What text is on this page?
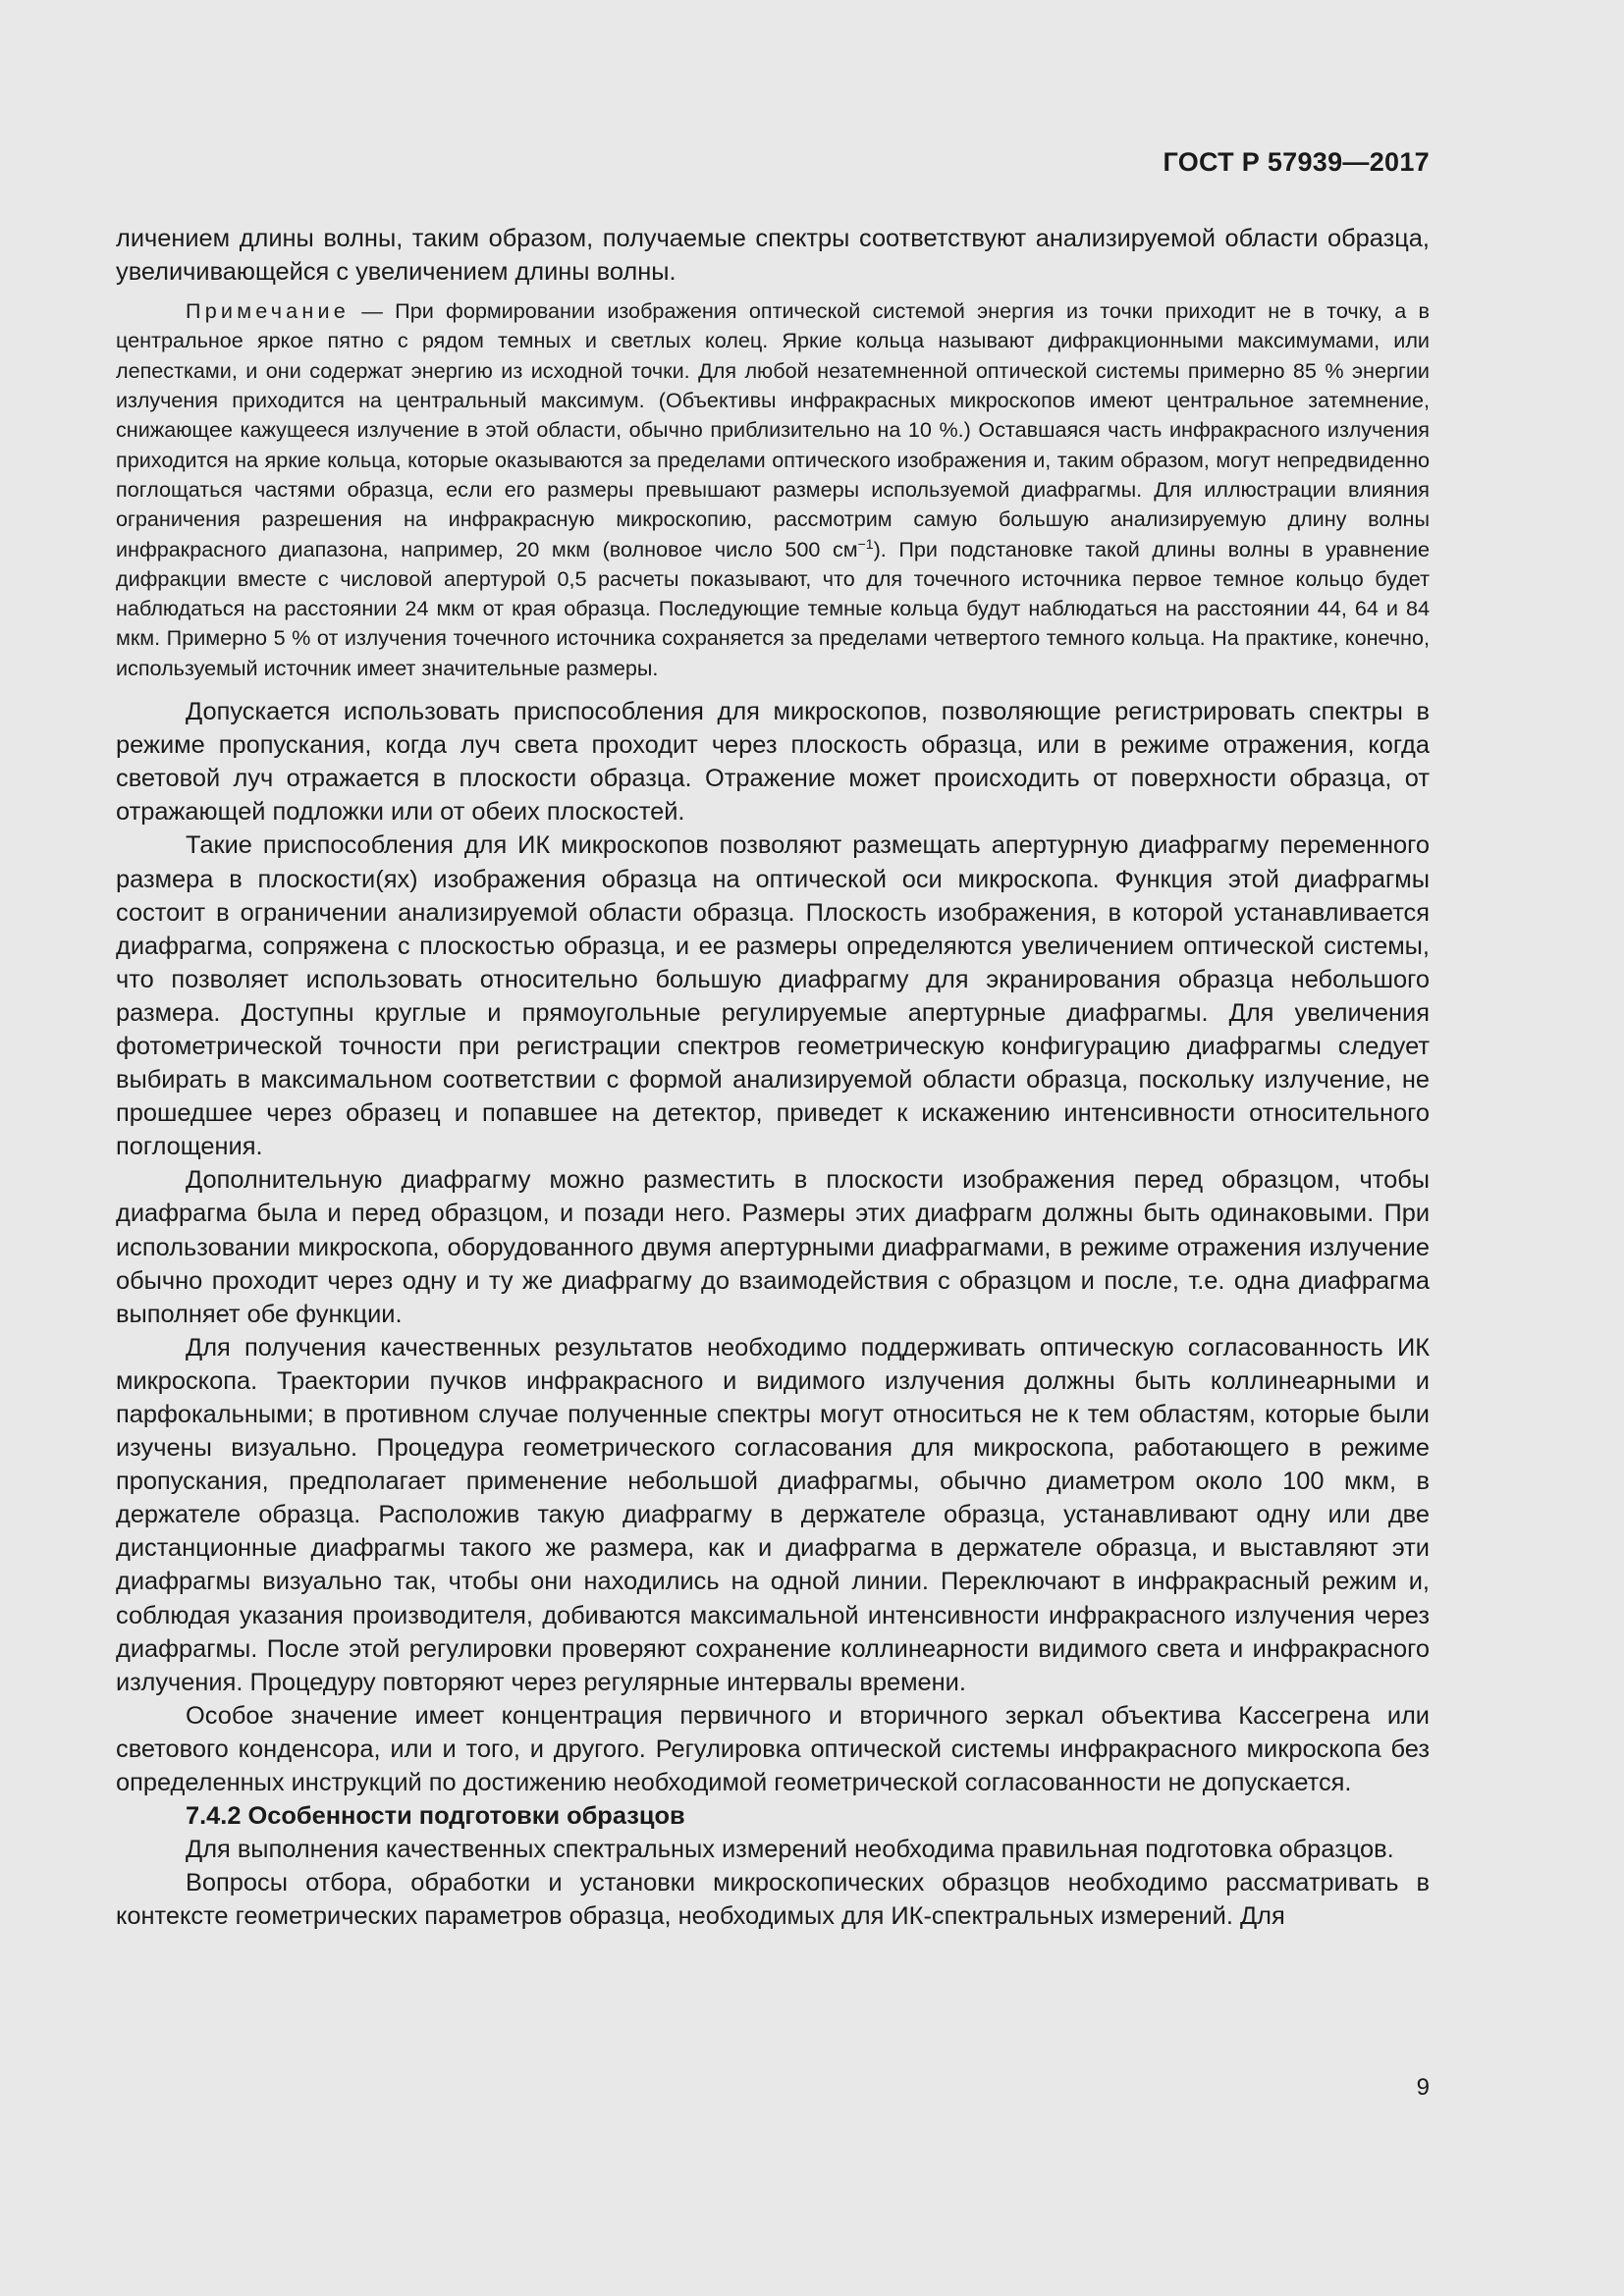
ГОСТ Р 57939—2017

личением длины волны, таким образом, получаемые спектры соответствуют анализируемой области образца, увеличивающейся с увеличением длины волны.

Примечание — При формировании изображения оптической системой энергия из точки приходит не в точку, а в центральное яркое пятно с рядом темных и светлых колец. Яркие кольца называют дифракционными максимумами, или лепестками, и они содержат энергию из исходной точки. Для любой незатемненной оптической системы примерно 85 % энергии излучения приходится на центральный максимум. (Объективы инфракрасных микроскопов имеют центральное затемнение, снижающее кажущееся излучение в этой области, обычно приблизительно на 10 %.) Оставшаяся часть инфракрасного излучения приходится на яркие кольца, которые оказываются за пределами оптического изображения и, таким образом, могут непредвиденно поглощаться частями образца, если его размеры превышают размеры используемой диафрагмы. Для иллюстрации влияния ограничения разрешения на инфракрасную микроскопию, рассмотрим самую большую анализируемую длину волны инфракрасного диапазона, например, 20 мкм (волновое число 500 $см^{-1}$). При подстановке такой длины волны в уравнение дифракции вместе с числовой апертурой 0,5 расчеты показывают, что для точечного источника первое темное кольцо будет наблюдаться на расстоянии 24 мкм от края образца. Последующие темные кольца будут наблюдаться на расстоянии 44, 64 и 84 мкм. Примерно 5 % от излучения точечного источника сохраняется за пределами четвертого темного кольца. На практике, конечно, используемый источник имеет значительные размеры.

Допускается использовать приспособления для микроскопов, позволяющие регистрировать спектры в режиме пропускания, когда луч света проходит через плоскость образца, или в режиме отражения, когда световой луч отражается в плоскости образца. Отражение может происходить от поверхности образца, от отражающей подложки или от обеих плоскостей.

Такие приспособления для ИК микроскопов позволяют размещать апертурную диафрагму переменного размера в плоскости(ях) изображения образца на оптической оси микроскопа. Функция этой диафрагмы состоит в ограничении анализируемой области образца. Плоскость изображения, в которой устанавливается диафрагма, сопряжена с плоскостью образца, и ее размеры определяются увеличением оптической системы, что позволяет использовать относительно большую диафрагму для экранирования образца небольшого размера. Доступны круглые и прямоугольные регулируемые апертурные диафрагмы. Для увеличения фотометрической точности при регистрации спектров геометрическую конфигурацию диафрагмы следует выбирать в максимальном соответствии с формой анализируемой области образца, поскольку излучение, не прошедшее через образец и попавшее на детектор, приведет к искажению интенсивности относительного поглощения.

Дополнительную диафрагму можно разместить в плоскости изображения перед образцом, чтобы диафрагма была и перед образцом, и позади него. Размеры этих диафрагм должны быть одинаковыми. При использовании микроскопа, оборудованного двумя апертурными диафрагмами, в режиме отражения излучение обычно проходит через одну и ту же диафрагму до взаимодействия с образцом и после, т.е. одна диафрагма выполняет обе функции.

Для получения качественных результатов необходимо поддерживать оптическую согласованность ИК микроскопа. Траектории пучков инфракрасного и видимого излучения должны быть коллинеарными и парфокальными; в противном случае полученные спектры могут относиться не к тем областям, которые были изучены визуально. Процедура геометрического согласования для микроскопа, работающего в режиме пропускания, предполагает применение небольшой диафрагмы, обычно диаметром около 100 мкм, в держателе образца. Расположив такую диафрагму в держателе образца, устанавливают одну или две дистанционные диафрагмы такого же размера, как и диафрагма в держателе образца, и выставляют эти диафрагмы визуально так, чтобы они находились на одной линии. Переключают в инфракрасный режим и, соблюдая указания производителя, добиваются максимальной интенсивности инфракрасного излучения через диафрагмы. После этой регулировки проверяют сохранение коллинеарности видимого света и инфракрасного излучения. Процедуру повторяют через регулярные интервалы времени.

Особое значение имеет концентрация первичного и вторичного зеркал объектива Кассегрена или светового конденсора, или и того, и другого. Регулировка оптической системы инфракрасного микроскопа без определенных инструкций по достижению необходимой геометрической согласованности не допускается.

7.4.2 Особенности подготовки образцов

Для выполнения качественных спектральных измерений необходима правильная подготовка образцов.

Вопросы отбора, обработки и установки микроскопических образцов необходимо рассматривать в контексте геометрических параметров образца, необходимых для ИК-спектральных измерений. Для

9
